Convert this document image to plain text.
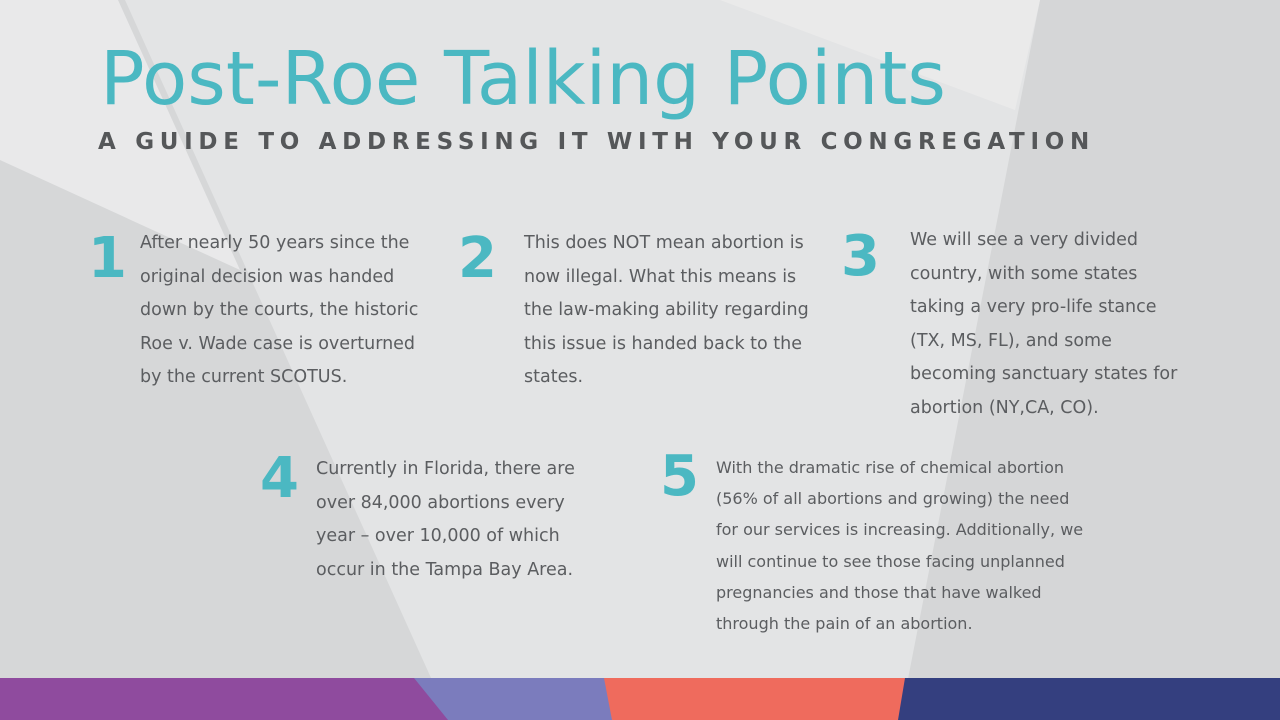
Post-Roe Talking Points
A GUIDE TO ADDRESSING IT WITH YOUR CONGREGATION
1 After nearly 50 years since the original decision was handed down by the courts, the historic Roe v. Wade case is overturned by the current SCOTUS.
2 This does NOT mean abortion is now illegal. What this means is the law-making ability regarding this issue is handed back to the states.
3 We will see a very divided country, with some states taking a very pro-life stance (TX, MS, FL), and some becoming sanctuary states for abortion (NY,CA, CO).
4 Currently in Florida, there are over 84,000 abortions every year – over 10,000 of which occur in the Tampa Bay Area.
5 With the dramatic rise of chemical abortion (56% of all abortions and growing) the need for our services is increasing. Additionally, we will continue to see those facing unplanned pregnancies and those that have walked through the pain of an abortion.
